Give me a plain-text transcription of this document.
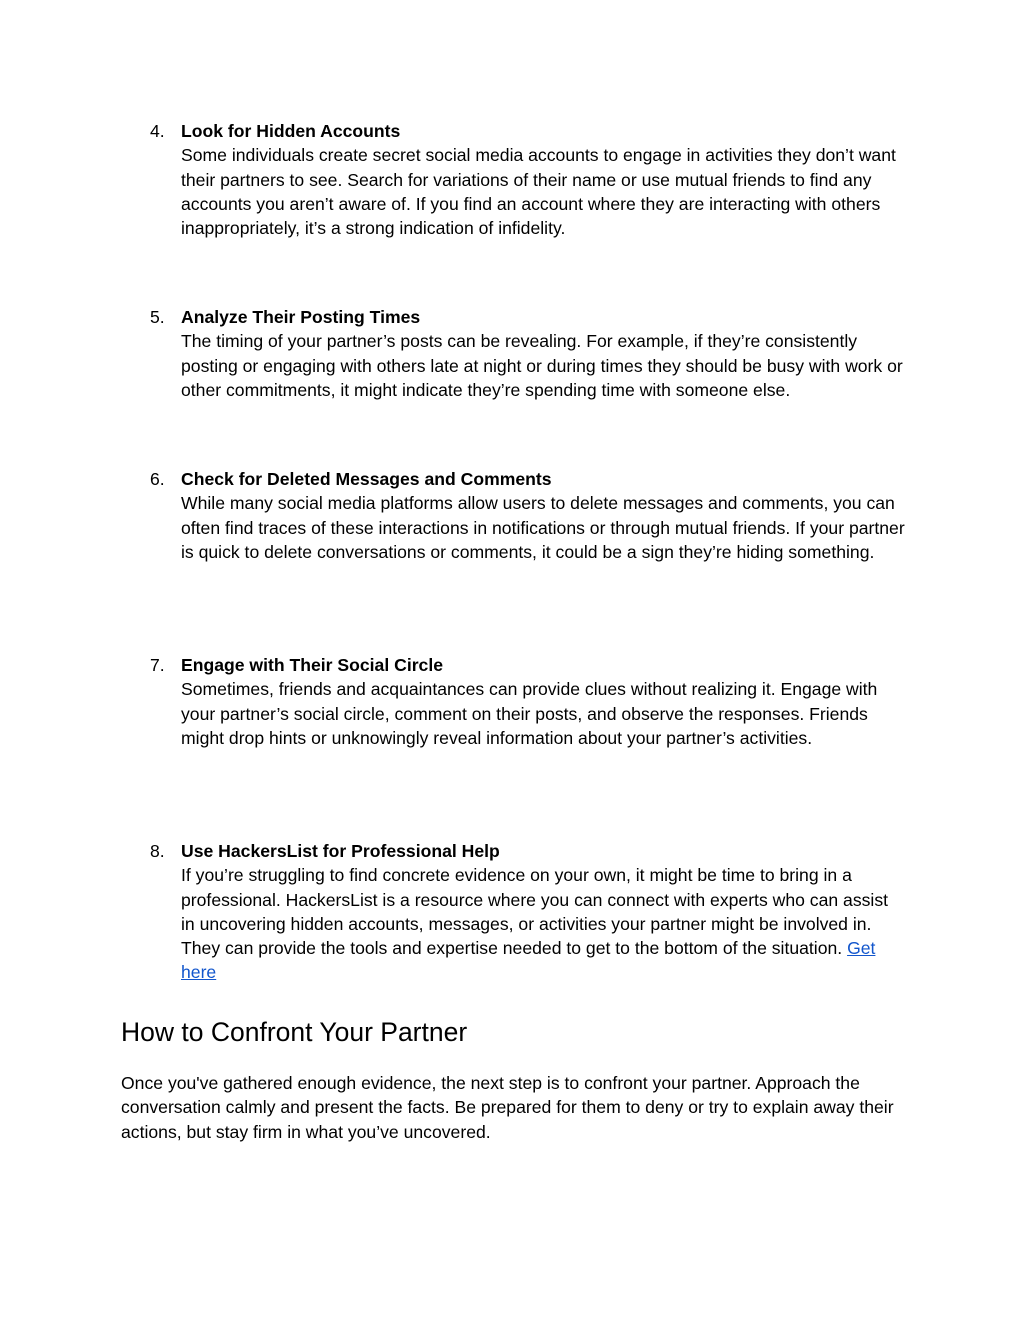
4. Look for Hidden Accounts
Some individuals create secret social media accounts to engage in activities they don’t want their partners to see. Search for variations of their name or use mutual friends to find any accounts you aren’t aware of. If you find an account where they are interacting with others inappropriately, it’s a strong indication of infidelity.
5. Analyze Their Posting Times
The timing of your partner’s posts can be revealing. For example, if they’re consistently posting or engaging with others late at night or during times they should be busy with work or other commitments, it might indicate they’re spending time with someone else.
6. Check for Deleted Messages and Comments
While many social media platforms allow users to delete messages and comments, you can often find traces of these interactions in notifications or through mutual friends. If your partner is quick to delete conversations or comments, it could be a sign they’re hiding something.
7. Engage with Their Social Circle
Sometimes, friends and acquaintances can provide clues without realizing it. Engage with your partner’s social circle, comment on their posts, and observe the responses. Friends might drop hints or unknowingly reveal information about your partner’s activities.
8. Use HackersList for Professional Help
If you’re struggling to find concrete evidence on your own, it might be time to bring in a professional. HackersList is a resource where you can connect with experts who can assist in uncovering hidden accounts, messages, or activities your partner might be involved in. They can provide the tools and expertise needed to get to the bottom of the situation. Get here
How to Confront Your Partner

Once you've gathered enough evidence, the next step is to confront your partner. Approach the conversation calmly and present the facts. Be prepared for them to deny or try to explain away their actions, but stay firm in what you’ve uncovered.
